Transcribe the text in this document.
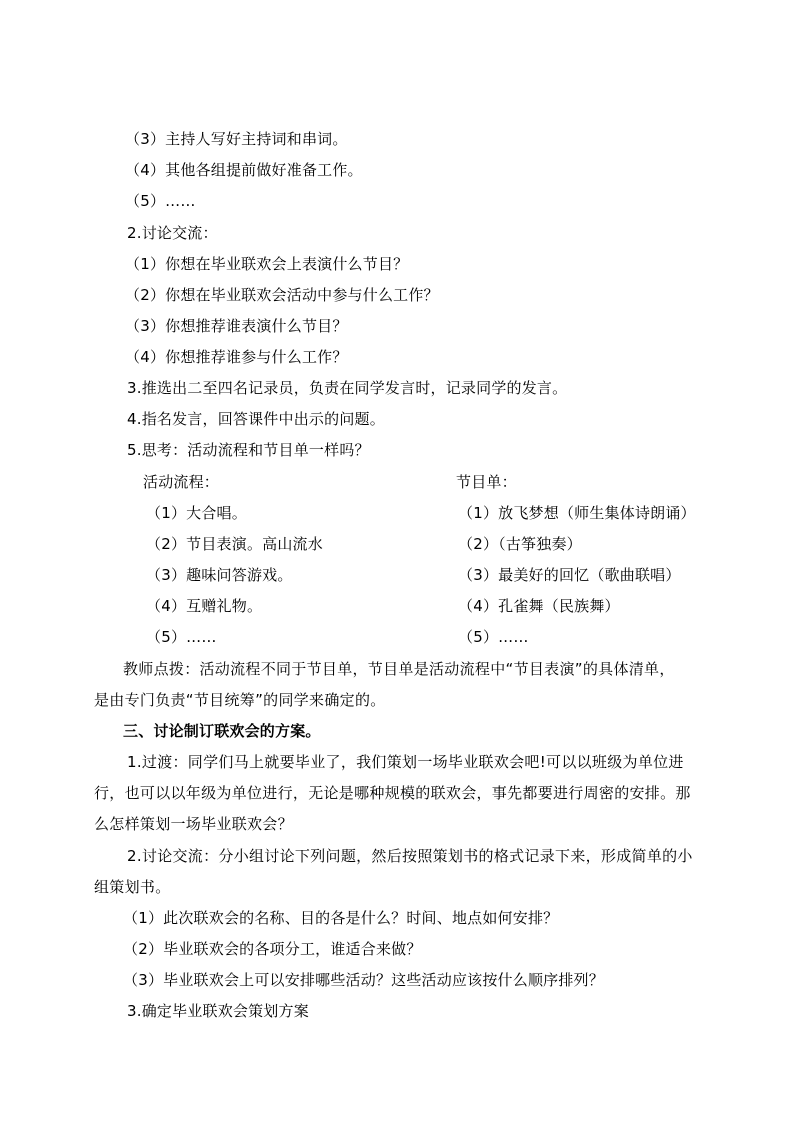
（3）主持人写好主持词和串词。
（4）其他各组提前做好准备工作。
（5）……
2.讨论交流：
（1）你想在毕业联欢会上表演什么节目？
（2）你想在毕业联欢会活动中参与什么工作？
（3）你想推荐谁表演什么节目？
（4）你想推荐谁参与什么工作？
3.推选出二至四名记录员，负责在同学发言时，记录同学的发言。
4.指名发言，回答课件中出示的问题。
5.思考：活动流程和节目单一样吗？
活动流程：	节目单：
（1）大合唱。
（2）节目表演。高山流水
（3）趣味问答游戏。
（4）互赠礼物。
（5）……
（1）放飞梦想（师生集体诗朗诵）
（2）（古筝独奏）
（3）最美好的回忆（歌曲联唱）
（4）孔雀舞（民族舞）
（5）……
教师点拨：活动流程不同于节目单，节目单是活动流程中“节目表演”的具体清单，
是由专门负责“节目统筹”的同学来确定的。
三、讨论制订联欢会的方案。
1.过渡：同学们马上就要毕业了，我们策划一场毕业联欢会吧!可以以班级为单位进
行，也可以以年级为单位进行，无论是哪种规模的联欢会，事先都要进行周密的安排。那
么怎样策划一场毕业联欢会？
2.讨论交流：分小组讨论下列问题，然后按照策划书的格式记录下来，形成简单的小
组策划书。
（1）此次联欢会的名称、目的各是什么？时间、地点如何安排？
（2）毕业联欢会的各项分工，谁适合来做？
（3）毕业联欢会上可以安排哪些活动？这些活动应该按什么顺序排列？
3.确定毕业联欢会策划方案
